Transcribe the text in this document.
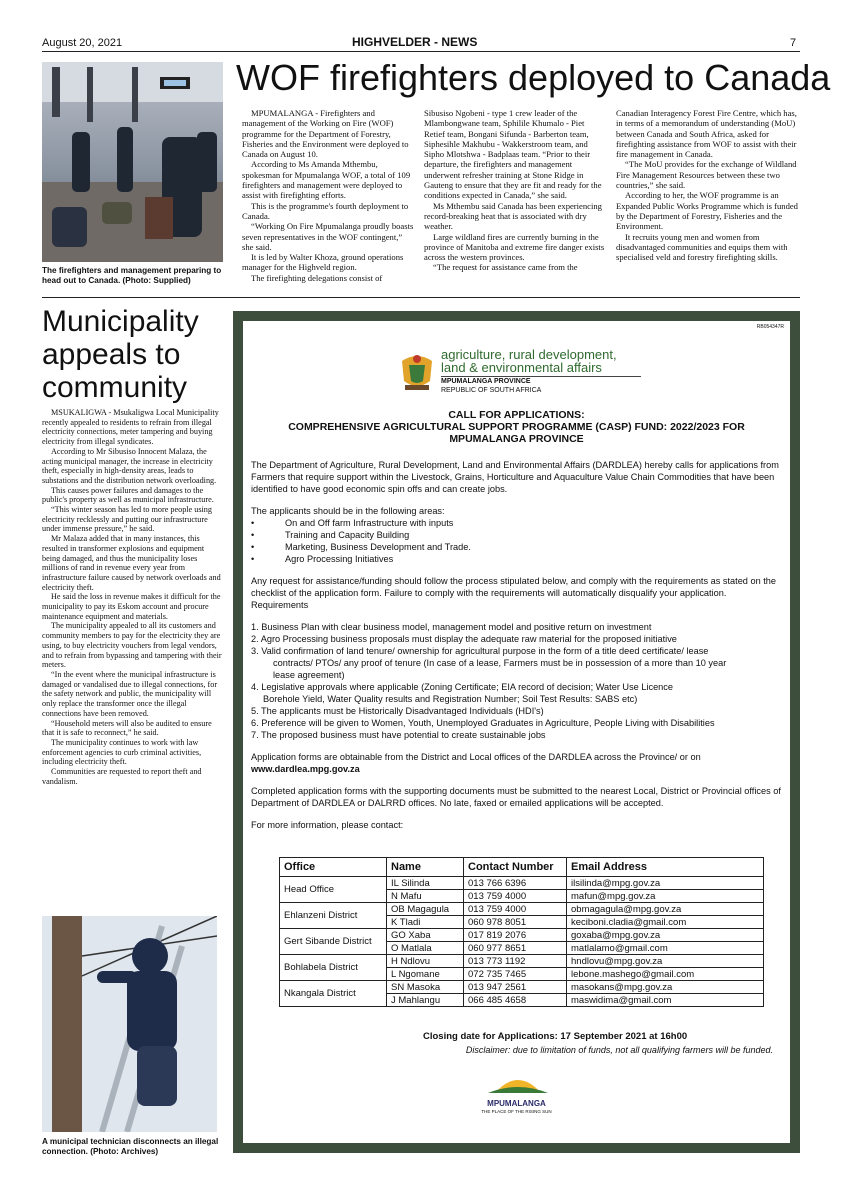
August 20, 2021	HIGHVELDER - NEWS	7
The firefighters and management preparing to head out to Canada. (Photo: Supplied)
WOF firefighters deployed to Canada

MPUMALANGA - Firefighters and management of the Working on Fire (WOF) programme for the Department of Forestry, Fisheries and the Environment were deployed to Canada on August 10.

According to Ms Amanda Mthembu, spokesman for Mpumalanga WOF, a total of 109 firefighters and management were deployed to assist with firefighting efforts.

This is the programme's fourth deployment to Canada.

“Working On Fire Mpumalanga proudly boasts seven representatives in the WOF contingent,” she said.

It is led by Walter Khoza, ground operations manager for the Highveld region.

The firefighting delegations consist of

Sibusiso Ngobeni - type 1 crew leader of the Mlambongwane team, Sphilile Khumalo - Piet Retief team, Bongani Sifunda - Barberton team, Siphesihle Makhubu - Wakkerstroom team, and Sipho Mlotshwa - Badplaas team. “Prior to their departure, the firefighters and management underwent refresher training at Stone Ridge in Gauteng to ensure that they are fit and ready for the conditions expected in Canada,” she said.

Ms Mthembu said Canada has been experiencing record-breaking heat that is associated with dry weather.

Large wildland fires are currently burning in the province of Manitoba and extreme fire danger exists across the western provinces.

“The request for assistance came from the

Canadian Interagency Forest Fire Centre, which has, in terms of a memorandum of understanding (MoU) between Canada and South Africa, asked for firefighting assistance from WOF to assist with their fire management in Canada.

“The MoU provides for the exchange of Wildland Fire Management Resources between these two countries,” she said.

According to her, the WOF programme is an Expanded Public Works Programme which is funded by the Department of Forestry, Fisheries and the Environment.

It recruits young men and women from disadvantaged communities and equips them with specialised veld and forestry firefighting skills.

Municipality
appeals to
community

MSUKALIGWA - Msukaligwa Local Municipality recently appealed to residents to refrain from illegal electricity connections, meter tampering and buying electricity from illegal syndicates.

According to Mr Sibusiso Innocent Malaza, the acting municipal manager, the increase in electricity theft, especially in high-density areas, leads to substations and the distribution network overloading.

This causes power failures and damages to the public's property as well as municipal infrastructure.

“This winter season has led to more people using electricity recklessly and putting our infrastructure under immense pressure,” he said.

Mr Malaza added that in many instances, this resulted in transformer explosions and equipment being damaged, and thus the municipality loses millions of rand in revenue every year from infrastructure failure caused by network overloads and electricity theft.

He said the loss in revenue makes it difficult for the municipality to pay its Eskom account and procure maintenance equipment and materials.

The municipality appealed to all its customers and community members to pay for the electricity they are using, to buy electricity vouchers from legal vendors, and to refrain from bypassing and tampering with their meters.

“In the event where the municipal infrastructure is damaged or vandalised due to illegal connections, for the safety network and public, the municipality will only replace the transformer once the illegal connections have been removed.

“Household meters will also be audited to ensure that it is safe to reconnect,” he said.

The municipality continues to work with law enforcement agencies to curb criminal activities, including electricity theft.

Communities are requested to report theft and vandalism.

A municipal technician disconnects an illegal connection. (Photo: Archives)
RB054347R
agriculture, rural development,
land & environmental affairs
MPUMALANGA PROVINCE
REPUBLIC OF SOUTH AFRICA
CALL FOR APPLICATIONS:
COMPREHENSIVE AGRICULTURAL SUPPORT PROGRAMME (CASP) FUND: 2022/2023 FOR
MPUMALANGA PROVINCE

The Department of Agriculture, Rural Development, Land and Environmental Affairs (DARDLEA) hereby calls for applications from Farmers that require support within the Livestock, Grains, Horticulture and Aquaculture Value Chain Commodities that have been identified to have good economic spin offs and can create jobs.

The applicants should be in the following areas:

•	On and Off farm Infrastructure with inputs
•	Training and Capacity Building
•	Marketing, Business Development and Trade.
•	Agro Processing Initiatives

Any request for assistance/funding should follow the process stipulated below, and comply with the requirements as stated on the checklist of the application form. Failure to comply with the requirements will automatically disqualify your application.

Requirements

1. Business Plan with clear business model, management model and positive return on investment
2. Agro Processing business proposals must display the adequate raw material for the proposed initiative
3. Valid confirmation of land tenure/ ownership for agricultural purpose in the form of a title deed certificate/ lease
contracts/ PTOs/ any proof of tenure (In case of a lease, Farmers must be in possession of a more than 10 year
lease agreement)
4. Legislative approvals where applicable (Zoning Certificate; EIA record of decision; Water Use Licence
Borehole Yield, Water Quality results and Registration Number; Soil Test Results: SABS etc)
5. The applicants must be Historically Disadvantaged Individuals (HDI's)
6. Preference will be given to Women, Youth, Unemployed Graduates in Agriculture, People Living with Disabilities
7. The proposed business must have potential to create sustainable jobs

Application forms are obtainable from the District and Local offices of the DARDLEA across the Province/ or on

www.dardlea.mpg.gov.za

Completed application forms with the supporting documents must be submitted to the nearest Local, District or Provincial offices of Department of DARDLEA or DALRRD offices. No late, faxed or emailed applications will be accepted.

For more information, please contact:

Office	Name	Contact Number	Email Address
Head Office	IL Silinda	013 766 6396	ilsilinda@mpg.gov.za
	N Mafu	013 759 4000	mafun@mpg.gov.za
Ehlanzeni District	OB Magagula	013 759 4000	obmagagula@mpg.gov.za
	K Tladi	060 978 8051	keciboni.cladia@gmail.com
Gert Sibande District	GO Xaba	017 819 2076	goxaba@mpg.gov.za
	O Matlala	060 977 8651	matlalamo@gmail.com
Bohlabela District	H Ndlovu	013 773 1192	hndlovu@mpg.gov.za
	L Ngomane	072 735 7465	lebone.mashego@gmail.com
Nkangala District	SN Masoka	013 947 2561	masokans@mpg.gov.za
	J Mahlangu	066 485 4658	maswidima@gmail.com
Closing date for Applications: 17 September 2021 at 16h00
Disclaimer: due to limitation of funds, not all qualifying farmers will be funded.
MPUMALANGA
THE PLACE OF THE RISING SUN
